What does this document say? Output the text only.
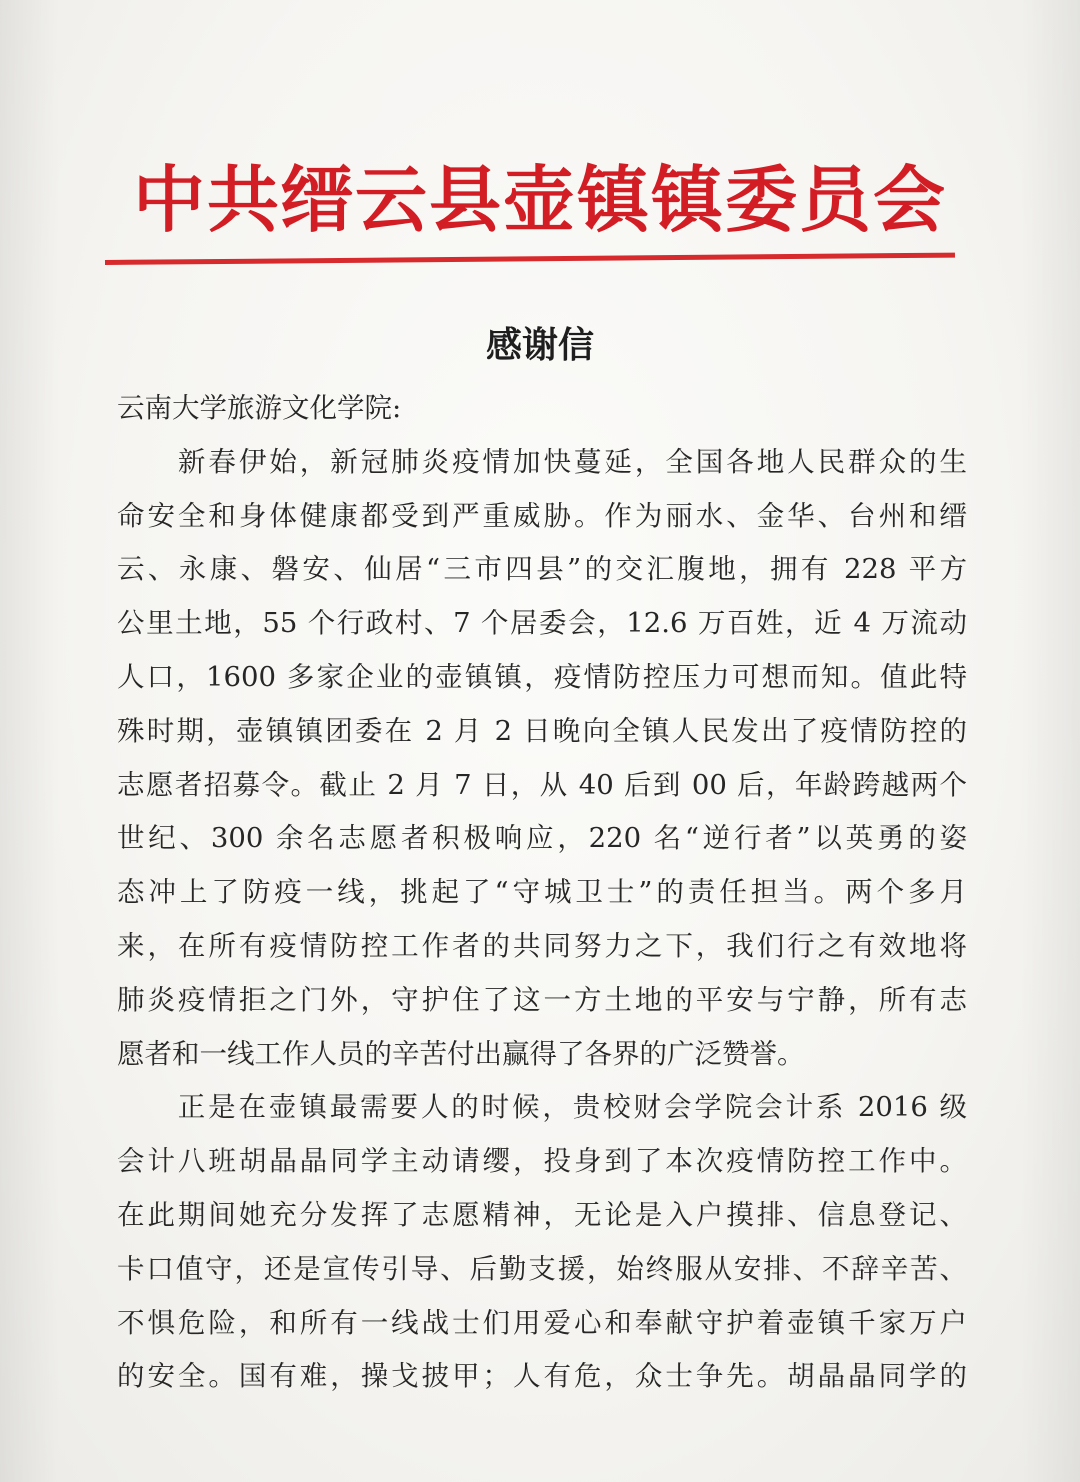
中共缙云县壶镇镇委员会
感谢信
云南大学旅游文化学院:
　　新春伊始，新冠肺炎疫情加快蔓延，全国各地人民群众的生
命安全和身体健康都受到严重威胁。作为丽水、金华、台州和缙
云、永康、磐安、仙居“三市四县”的交汇腹地，拥有 228 平方
公里土地，55 个行政村、7 个居委会，12.6 万百姓，近 4 万流动
人口，1600 多家企业的壶镇镇，疫情防控压力可想而知。值此特
殊时期，壶镇镇团委在 2 月 2 日晚向全镇人民发出了疫情防控的
志愿者招募令。截止 2 月 7 日，从 40 后到 00 后，年龄跨越两个
世纪、300 余名志愿者积极响应，220 名“逆行者”以英勇的姿
态冲上了防疫一线，挑起了“守城卫士”的责任担当。两个多月
来，在所有疫情防控工作者的共同努力之下，我们行之有效地将
肺炎疫情拒之门外，守护住了这一方土地的平安与宁静，所有志
愿者和一线工作人员的辛苦付出赢得了各界的广泛赞誉。
　　正是在壶镇最需要人的时候，贵校财会学院会计系 2016 级
会计八班胡晶晶同学主动请缨，投身到了本次疫情防控工作中。
在此期间她充分发挥了志愿精神，无论是入户摸排、信息登记、
卡口值守，还是宣传引导、后勤支援，始终服从安排、不辞辛苦、
不惧危险，和所有一线战士们用爱心和奉献守护着壶镇千家万户
的安全。国有难，操戈披甲；人有危，众士争先。胡晶晶同学的
